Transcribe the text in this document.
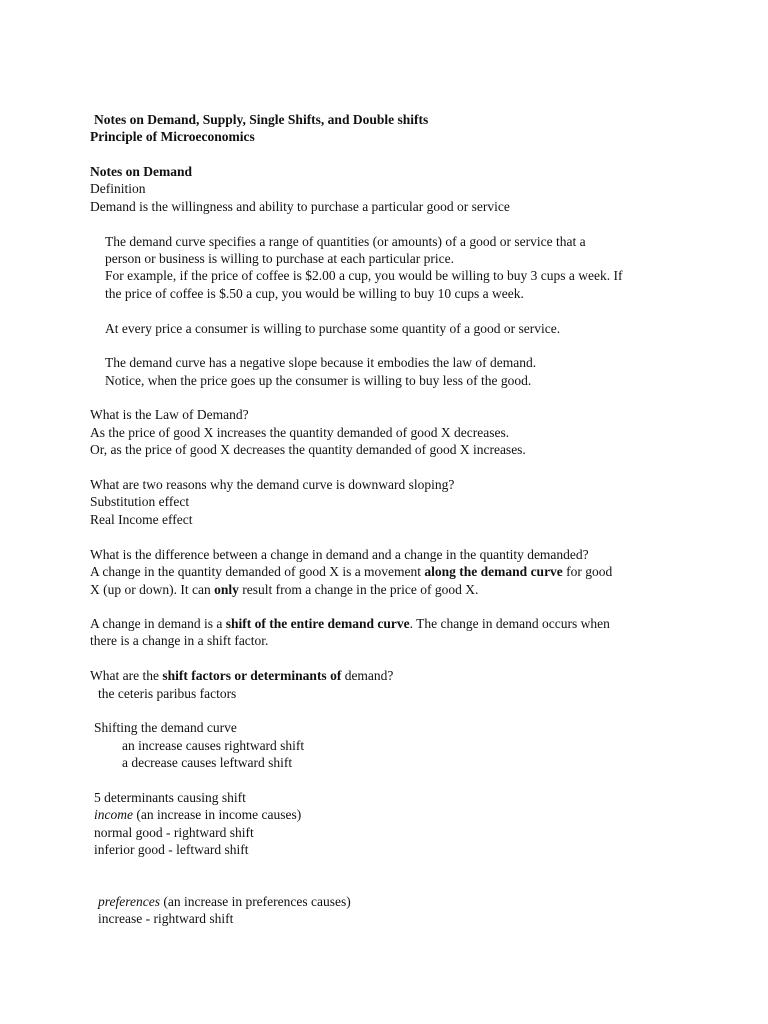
Notes on Demand, Supply, Single Shifts, and Double shifts
Principle of Microeconomics
Notes on Demand
Definition
Demand is the willingness and ability to purchase a particular good or service
The demand curve specifies a range of quantities (or amounts) of a good or service that a
person or business is willing to purchase at each particular price.
For example, if the price of coffee is $2.00 a cup, you would be willing to buy 3 cups a week. If
the price of coffee is $.50 a cup, you would be willing to buy 10 cups a week.
At every price a consumer is willing to purchase some quantity of a good or service.
The demand curve has a negative slope because it embodies the law of demand.
Notice, when the price goes up the consumer is willing to buy less of the good.
What is the Law of Demand?
As the price of good X increases the quantity demanded of good X decreases.
Or, as the price of good X decreases the quantity demanded of good X increases.
What are two reasons why the demand curve is downward sloping?
Substitution effect
Real Income effect
What is the difference between a change in demand and a change in the quantity demanded?
A change in the quantity demanded of good X is a movement along the demand curve for good
X (up or down). It can only result from a change in the price of good X.
A change in demand is a shift of the entire demand curve. The change in demand occurs when
there is a change in a shift factor.
What are the shift factors or determinants of demand?
the ceteris paribus factors
Shifting the demand curve
an increase causes rightward shift
a decrease causes leftward shift
5 determinants causing shift
income (an increase in income causes)
normal good - rightward shift
inferior good - leftward shift
preferences (an increase in preferences causes)
increase - rightward shift
